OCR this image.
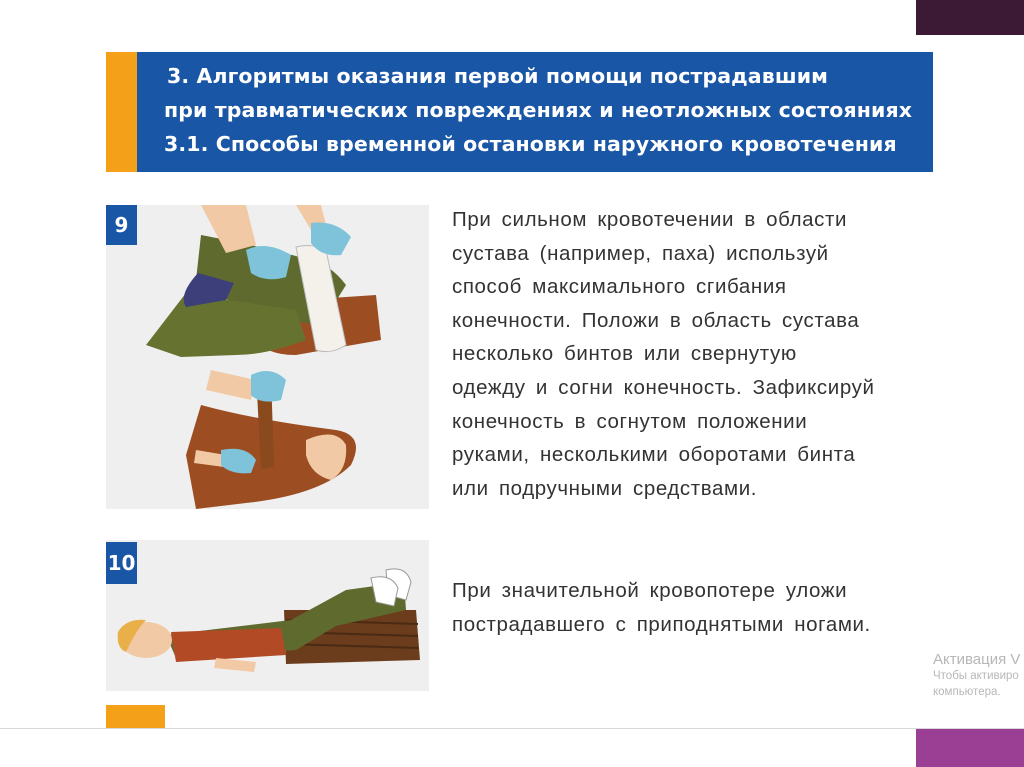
3. Алгоритмы оказания первой помощи пострадавшим
при травматических повреждениях и неотложных состояниях
3.1. Способы временной остановки наружного кровотечения
9	При сильном кровотечении в области
сустава (например, паха) используй
способ максимального сгибания
конечности. Положи в область сустава
несколько бинтов или свернутую
одежду и согни конечность. Зафиксируй
конечность в согнутом положении
руками, несколькими оборотами бинта
или подручными средствами.
10
При значительной кровопотере уложи
пострадавшего с приподнятыми ногами.
Активация V
Чтобы активиро
компьютера.
